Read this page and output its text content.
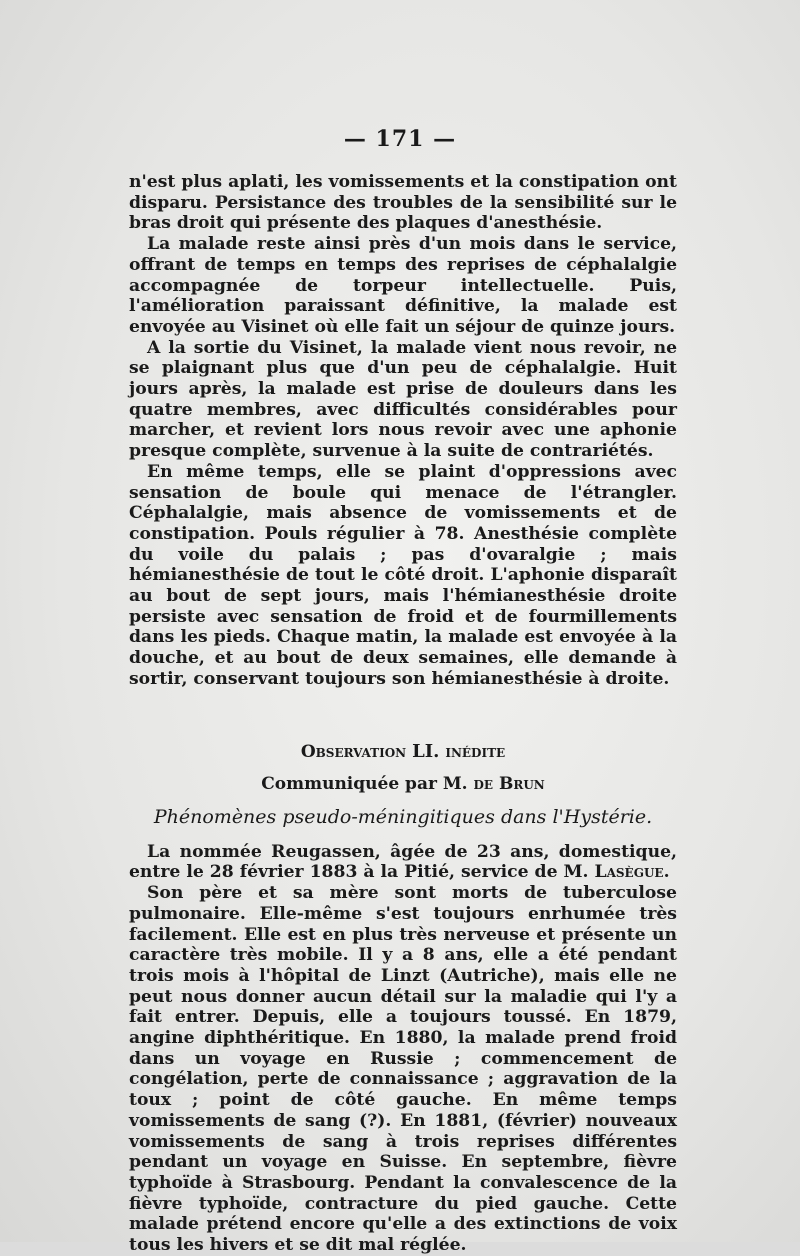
— 171 —

n'est plus aplati, les vomissements et la constipation ont disparu. Persistance des troubles de la sensibilité sur le bras droit qui présente des plaques d'anesthésie.

La malade reste ainsi près d'un mois dans le service, offrant de temps en temps des reprises de céphalalgie accompagnée de torpeur intellectuelle. Puis, l'amélioration paraissant définitive, la malade est envoyée au Visinet où elle fait un séjour de quinze jours.

A la sortie du Visinet, la malade vient nous revoir, ne se plaignant plus que d'un peu de céphalalgie. Huit jours après, la malade est prise de douleurs dans les quatre membres, avec difficultés considérables pour marcher, et revient lors nous revoir avec une aphonie presque complète, survenue à la suite de contrariétés.

En même temps, elle se plaint d'oppressions avec sensation de boule qui menace de l'étrangler. Céphalalgie, mais absence de vomissements et de constipation. Pouls régulier à 78. Anesthésie complète du voile du palais ; pas d'ovaralgie ; mais hémianesthésie de tout le côté droit. L'aphonie disparaît au bout de sept jours, mais l'hémianesthésie droite persiste avec sensation de froid et de fourmillements dans les pieds. Chaque matin, la malade est envoyée à la douche, et au bout de deux semaines, elle demande à sortir, conservant toujours son hémianesthésie à droite.

Observation LI. inédite
Communiquée par M. de Brun
Phénomènes pseudo-méningitiques dans l'Hystérie.

La nommée Reugassen, âgée de 23 ans, domestique, entre le 28 février 1883 à la Pitié, service de M. Lasègue.

Son père et sa mère sont morts de tuberculose pulmonaire. Elle-même s'est toujours enrhumée très facilement. Elle est en plus très nerveuse et présente un caractère très mobile. Il y a 8 ans, elle a été pendant trois mois à l'hôpital de Linzt (Autriche), mais elle ne peut nous donner aucun détail sur la maladie qui l'y a fait entrer. Depuis, elle a toujours toussé. En 1879, angine diphthéritique. En 1880, la malade prend froid dans un voyage en Russie ; commencement de congélation, perte de connaissance ; aggravation de la toux ; point de côté gauche. En même temps vomissements de sang (?). En 1881, (février) nouveaux vomissements de sang à trois reprises différentes pendant un voyage en Suisse. En septembre, fièvre typhoïde à Strasbourg. Pendant la convalescence de la fièvre typhoïde, contracture du pied gauche. Cette malade prétend encore qu'elle a des extinctions de voix tous les hivers et se dit mal réglée.
